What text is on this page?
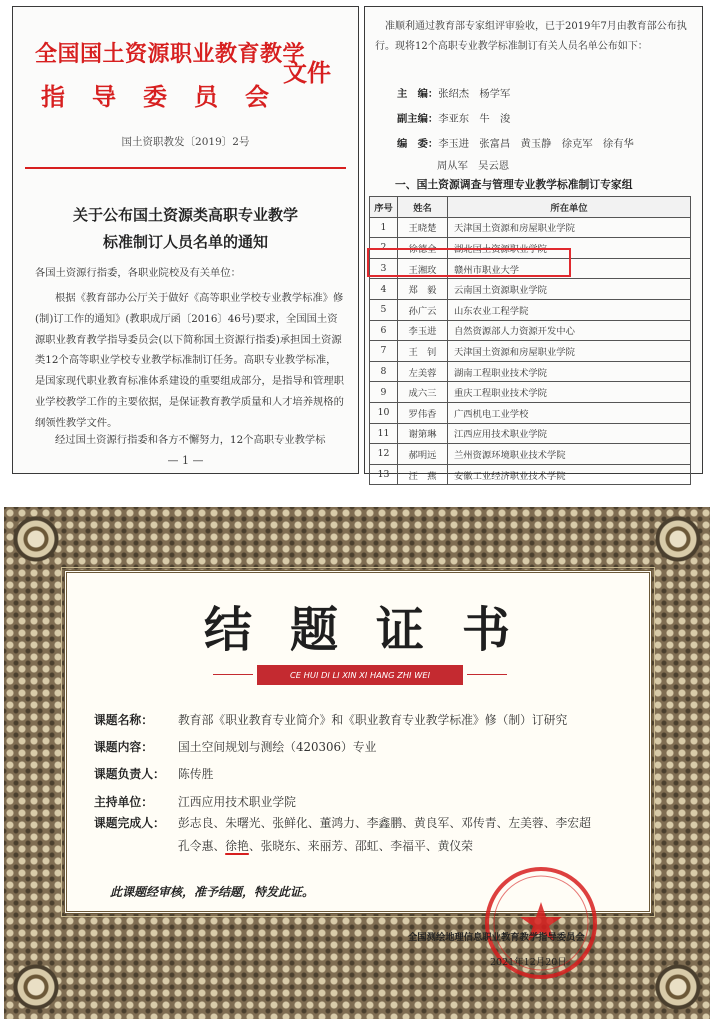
全国国土资源职业教育教学
指导委员会
文件
国土资职教发〔2019〕2号
关于公布国土资源类高职专业教学
标准制订人员名单的通知
各国土资源行指委，各职业院校及有关单位：
根据《教育部办公厅关于做好《高等职业学校专业教学标准》修(制)订工作的通知》(教职成厅函〔2016〕46号)要求，全国国土资源职业教育教学指导委员会(以下简称国土资源行指委)承担国土资源类12个高等职业学校专业教学标准制订任务。高职专业教学标准，是国家现代职业教育标准体系建设的重要组成部分，是指导和管理职业学校教学工作的主要依据，是保证教育教学质量和人才培养规格的纲领性教学文件。
经过国土资源行指委和各方不懈努力，12个高职专业教学标
— 1 —
准顺利通过教育部专家组评审验收，已于2019年7月由教育部公布执行。现将12个高职专业教学标准制订有关人员名单公布如下：
主　编：张绍杰　杨学军
副主编：李亚东　牛　浚
编　委：李玉进　张富昌　黄玉静　徐克军　徐有华
周从军　吴云恩
一、国土资源调查与管理专业教学标准制订专家组
序号	姓名	所在单位
1	王晓楚	天津国土资源和房屋职业学院
2	徐德全	湖北国土资源职业学院
3	王湘玫	赣州市职业大学
4	郑　毅	云南国土资源职业学院
5	孙广云	山东农业工程学院
6	李玉进	自然资源部人力资源开发中心
7	王　钊	天津国土资源和房屋职业学院
8	左美蓉	湖南工程职业技术学院
9	成六三	重庆工程职业技术学院
10	罗伟香	广西机电工业学校
11	谢第琳	江西应用技术职业学院
12	郝明远	兰州资源环境职业技术学院
13	汪　燕	安徽工业经济职业技术学院
结题证书
CE HUI DI LI XIN XI HANG ZHI WEI
课题名称： 教育部《职业教育专业简介》和《职业教育专业教学标准》修（制）订研究
课题内容： 国土空间规划与测绘（420306）专业
课题负责人： 陈传胜
主持单位： 江西应用技术职业学院
课题完成人： 彭志良、朱曙光、张鲜化、董鸿力、李鑫鹏、黄良军、邓传青、左美蓉、李宏超
孔令惠、徐艳、张晓东、来丽芳、邵虹、李福平、黄仪荣
此课题经审核，准予结题，特发此证。
全国测绘地理信息职业教育教学指导委员会
2021年12月20日
